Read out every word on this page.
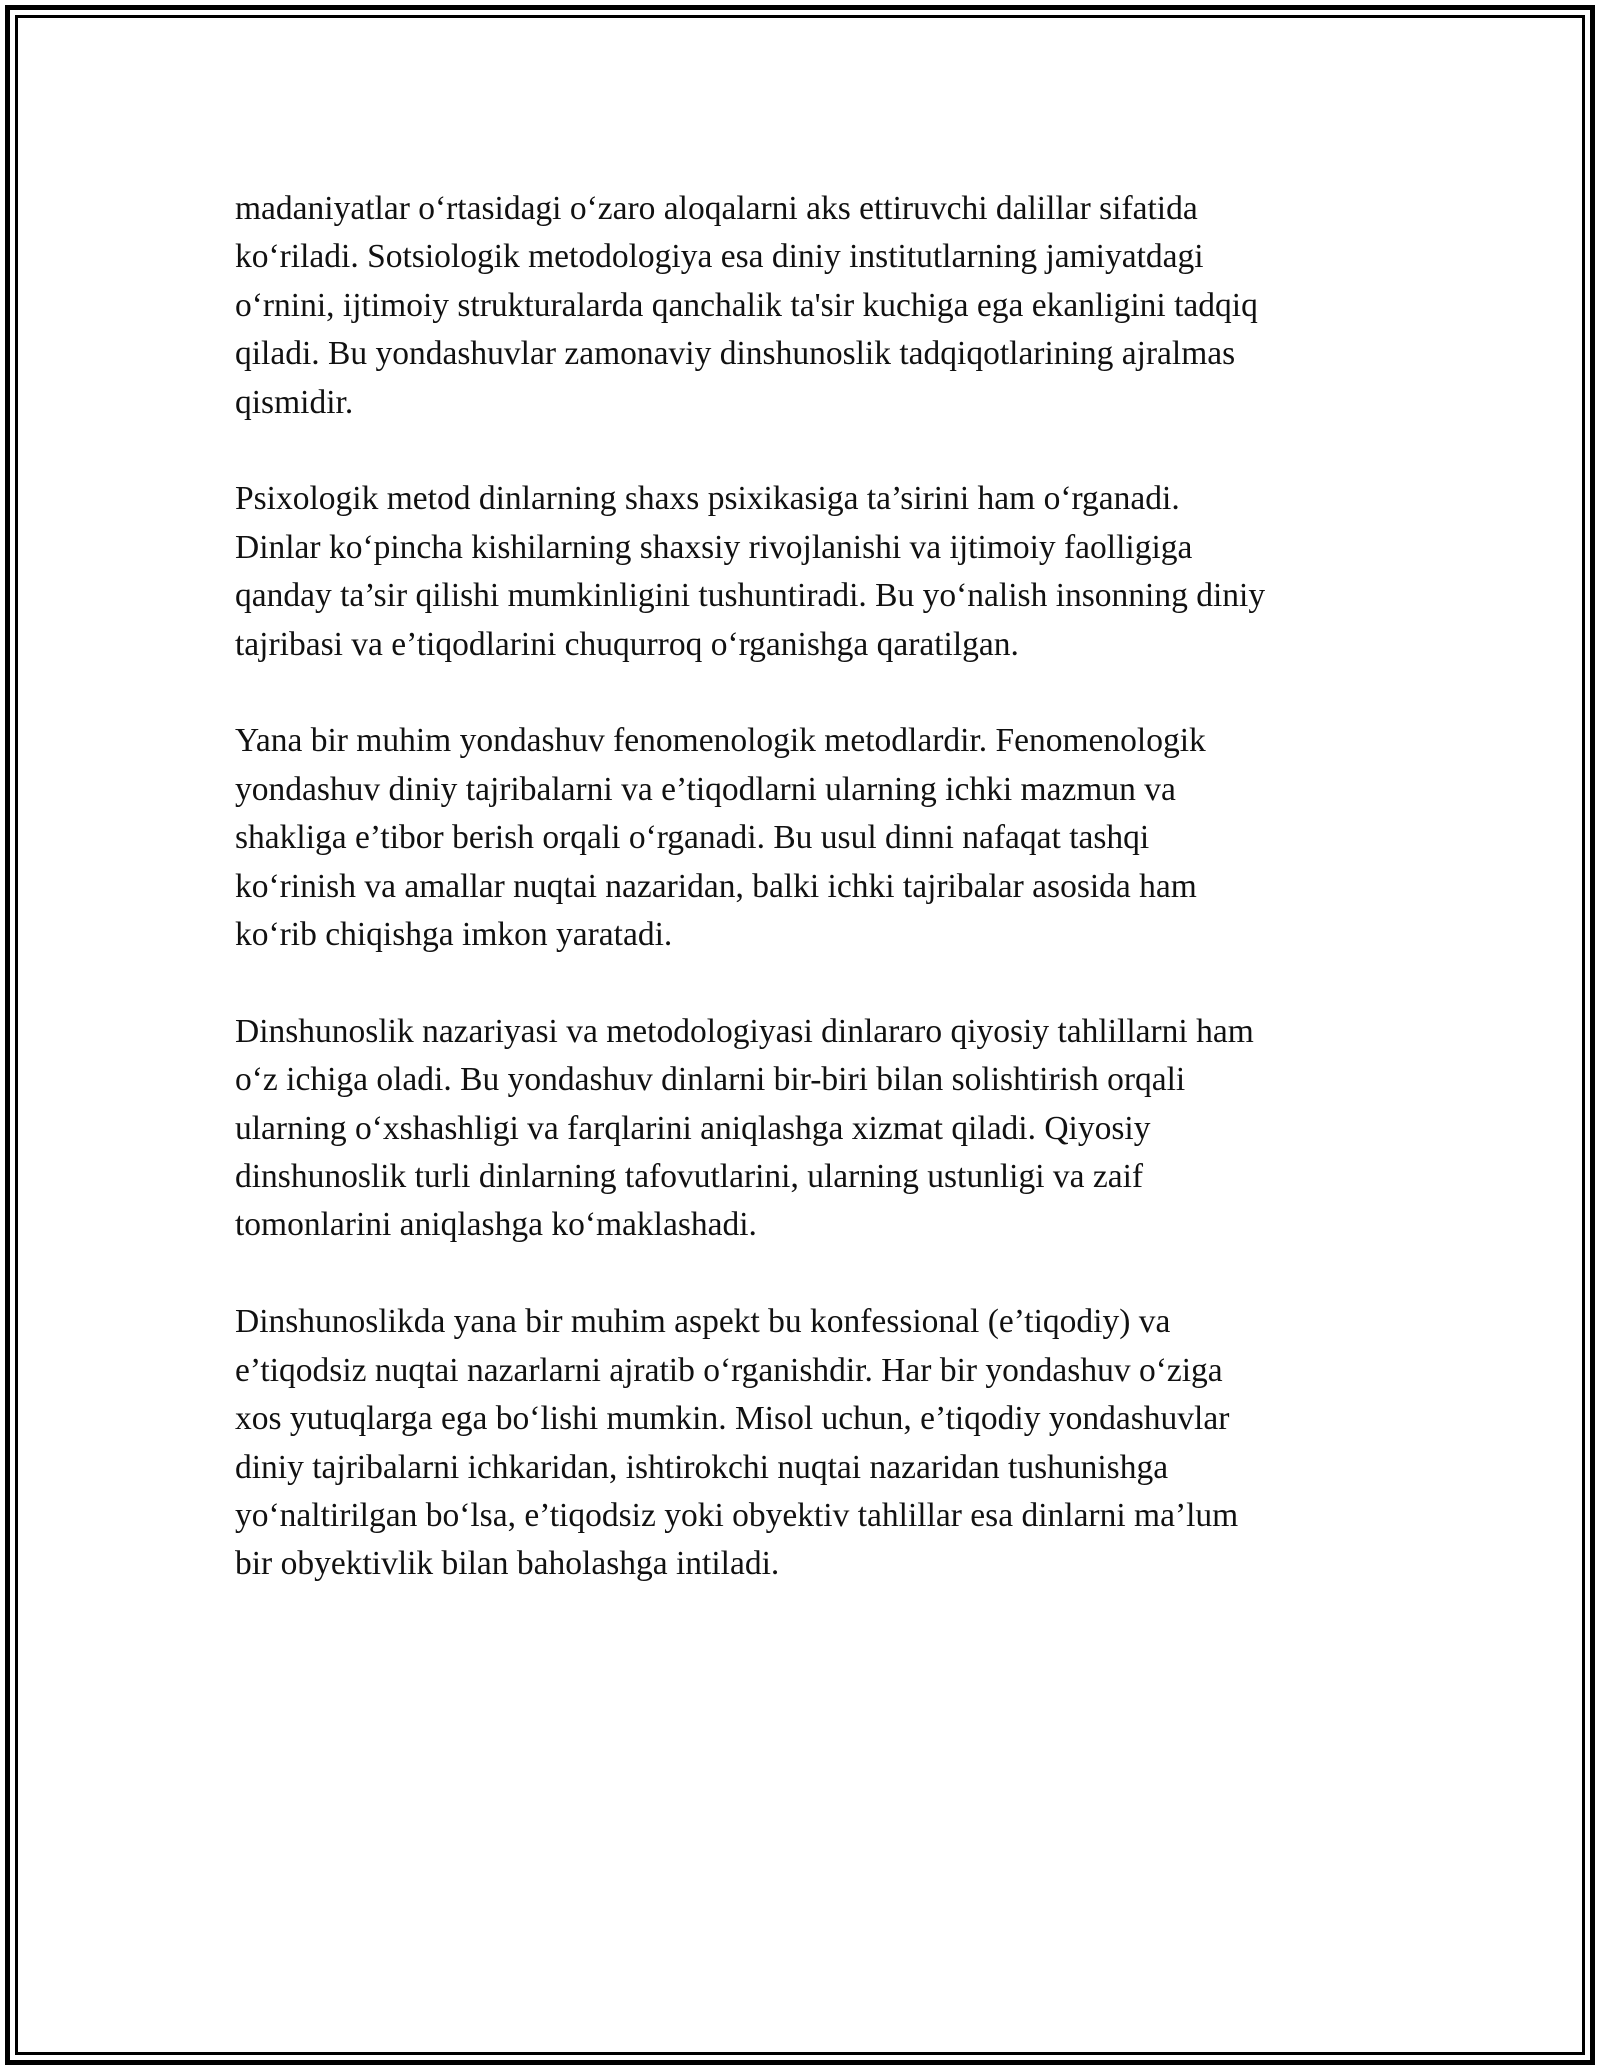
madaniyatlar o‘rtasidagi o‘zaro aloqalarni aks ettiruvchi dalillar sifatida
ko‘riladi. Sotsiologik metodologiya esa diniy institutlarning jamiyatdagi
o‘rnini, ijtimoiy strukturalarda qanchalik ta'sir kuchiga ega ekanligini tadqiq
qiladi. Bu yondashuvlar zamonaviy dinshunoslik tadqiqotlarining ajralmas
qismidir.

Psixologik metod dinlarning shaxs psixikasiga ta’sirini ham o‘rganadi.
Dinlar ko‘pincha kishilarning shaxsiy rivojlanishi va ijtimoiy faolligiga
qanday ta’sir qilishi mumkinligini tushuntiradi. Bu yo‘nalish insonning diniy
tajribasi va e’tiqodlarini chuqurroq o‘rganishga qaratilgan.

Yana bir muhim yondashuv fenomenologik metodlardir. Fenomenologik
yondashuv diniy tajribalarni va e’tiqodlarni ularning ichki mazmun va
shakliga e’tibor berish orqali o‘rganadi. Bu usul dinni nafaqat tashqi
ko‘rinish va amallar nuqtai nazaridan, balki ichki tajribalar asosida ham
ko‘rib chiqishga imkon yaratadi.

Dinshunoslik nazariyasi va metodologiyasi dinlararo qiyosiy tahlillarni ham
o‘z ichiga oladi. Bu yondashuv dinlarni bir-biri bilan solishtirish orqali
ularning o‘xshashligi va farqlarini aniqlashga xizmat qiladi. Qiyosiy
dinshunoslik turli dinlarning tafovutlarini, ularning ustunligi va zaif
tomonlarini aniqlashga ko‘maklashadi.

Dinshunoslikda yana bir muhim aspekt bu konfessional (e’tiqodiy) va
e’tiqodsiz nuqtai nazarlarni ajratib o‘rganishdir. Har bir yondashuv o‘ziga
xos yutuqlarga ega bo‘lishi mumkin. Misol uchun, e’tiqodiy yondashuvlar
diniy tajribalarni ichkaridan, ishtirokchi nuqtai nazaridan tushunishga
yo‘naltirilgan bo‘lsa, e’tiqodsiz yoki obyektiv tahlillar esa dinlarni ma’lum
bir obyektivlik bilan baholashga intiladi.
